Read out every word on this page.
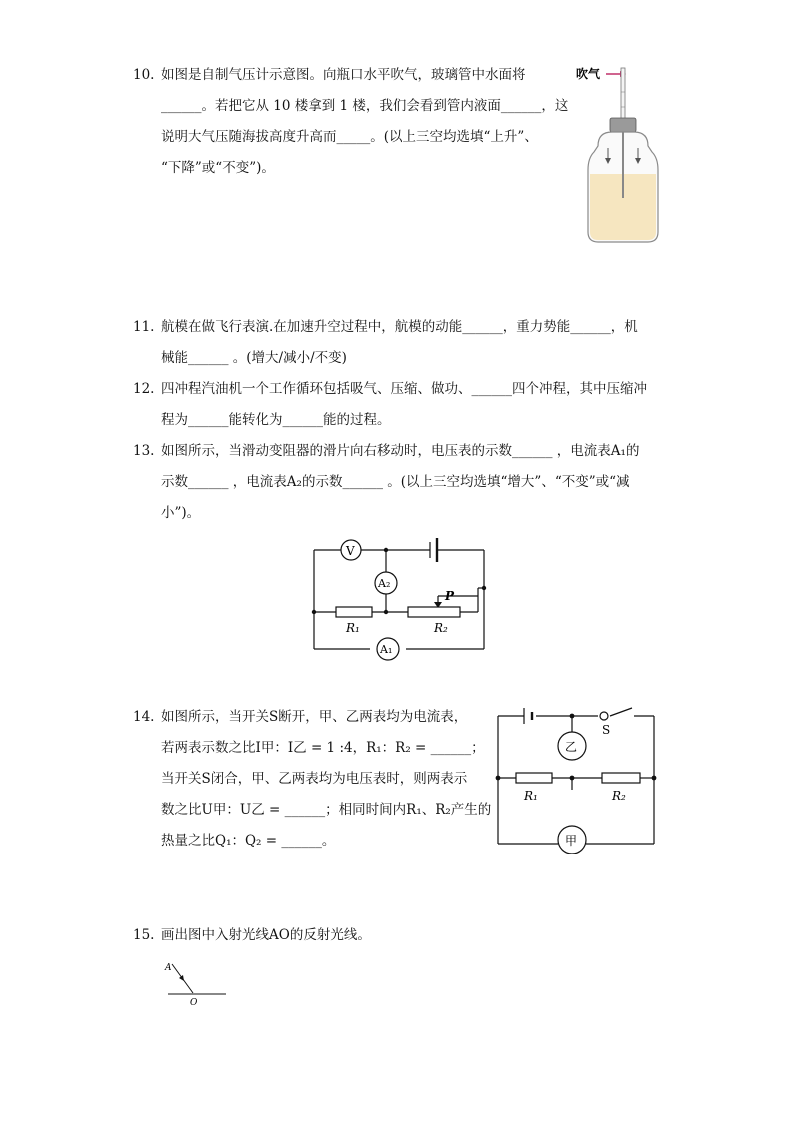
10. 如图是自制气压计示意图。向瓶口水平吹气，玻璃管中水面将
______。若把它从 10 楼拿到 1 楼，我们会看到管内液面______，这
说明大气压随海拔高度升高而_____。(以上三空均选填“上升”、
“下降”或“不变”)。
吹气
11. 航模在做飞行表演.在加速升空过程中，航模的动能______，重力势能______，机
械能______ 。(增大/减小/不变)
12. 四冲程汽油机一个工作循环包括吸气、压缩、做功、______四个冲程，其中压缩冲
程为______能转化为______能的过程。
13. 如图所示，当滑动变阻器的滑片向右移动时，电压表的示数______ ，电流表A₁的
示数______ ，电流表A₂的示数______ 。(以上三空均选填“增大”、“不变”或“减
小”)。
V
A₂
A₁
P
R₁	R₂
14. 如图所示，当开关S断开，甲、乙两表均为电流表，
若两表示数之比I甲：I乙 = 1 :4，R₁：R₂ = ______；
当开关S闭合，甲、乙两表均为电压表时，则两表示
数之比U甲：U乙 = ______；相同时间内R₁、R₂产生的
热量之比Q₁：Q₂ = ______。
S
乙
甲
R₁	R₂
15. 画出图中入射光线AO的反射光线。
A
O
